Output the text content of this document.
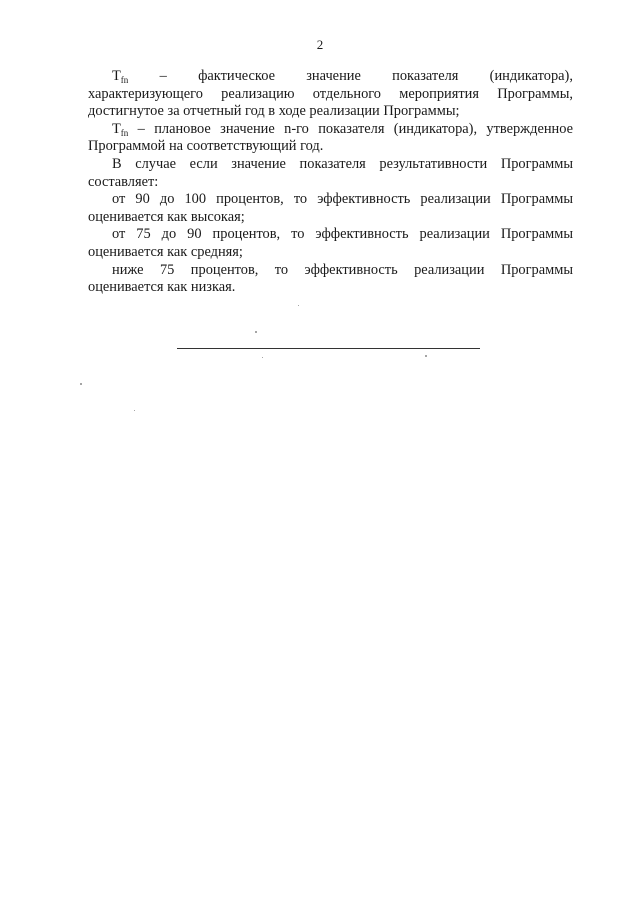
2

$T_{fn}$ – фактическое значение показателя (индикатора),

характеризующего реализацию отдельного мероприятия Программы,

достигнутое за отчетный год в ходе реализации Программы;

$T_{fn}$ – плановое значение n-го показателя (индикатора), утвержденное Программой на соответствующий год.

В случае если значение показателя результативности Программы составляет:

от 90 до 100 процентов, то эффективность реализации Программы оценивается как высокая;

от 75 до 90 процентов, то эффективность реализации Программы оценивается как средняя;

ниже 75 процентов, то эффективность реализации Программы оценивается как низкая.
